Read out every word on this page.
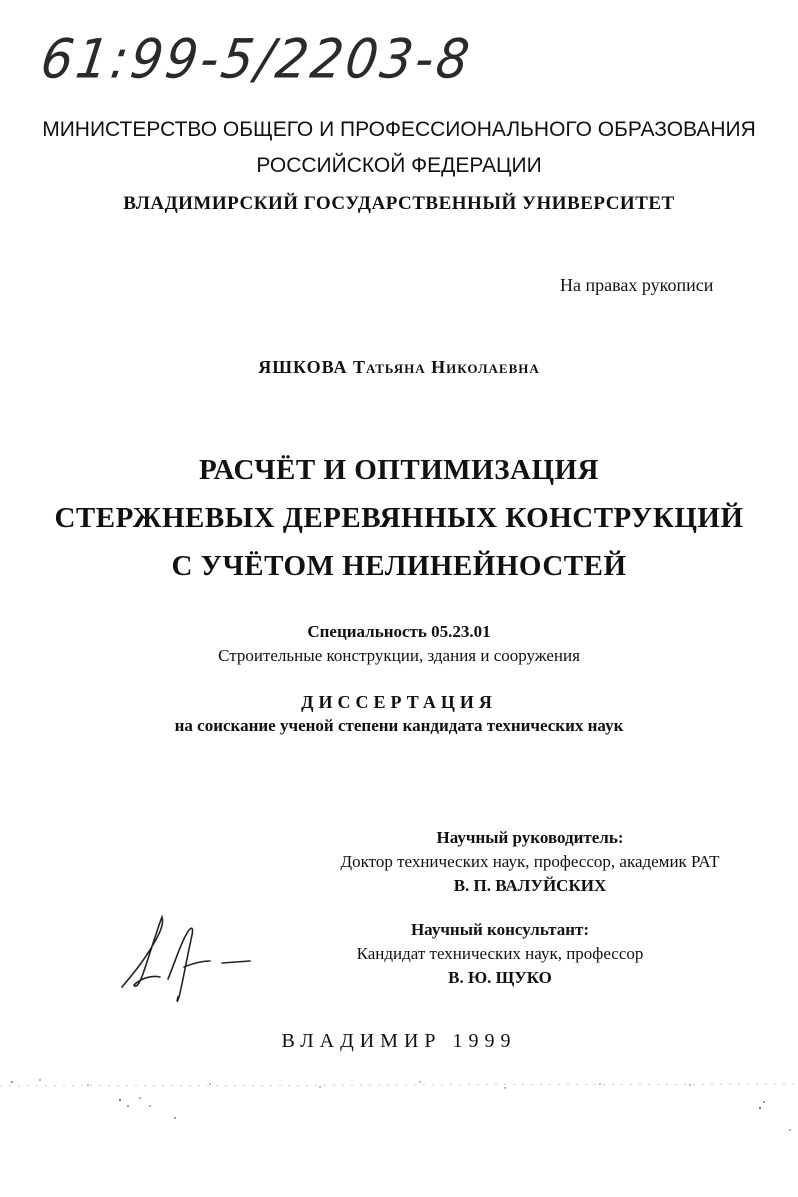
61:99-5/2203-8
МИНИСТЕРСТВО ОБЩЕГО И ПРОФЕССИОНАЛЬНОГО ОБРАЗОВАНИЯ
РОССИЙСКОЙ ФЕДЕРАЦИИ
ВЛАДИМИРСКИЙ ГОСУДАРСТВЕННЫЙ УНИВЕРСИТЕТ
На правах рукописи
ЯШКОВА Татьяна Николаевна
РАСЧЁТ И ОПТИМИЗАЦИЯ
СТЕРЖНЕВЫХ ДЕРЕВЯННЫХ КОНСТРУКЦИЙ
С УЧЁТОМ НЕЛИНЕЙНОСТЕЙ
Специальность 05.23.01
Строительные конструкции, здания и сооружения
ДИССЕРТАЦИЯ
на соискание ученой степени кандидата технических наук
Научный руководитель:
Доктор технических наук, профессор, академик РАТ
В. П. ВАЛУЙСКИХ
Научный консультант:
Кандидат технических наук, профессор
В. Ю. ЩУКО
ВЛАДИМИР 1999
